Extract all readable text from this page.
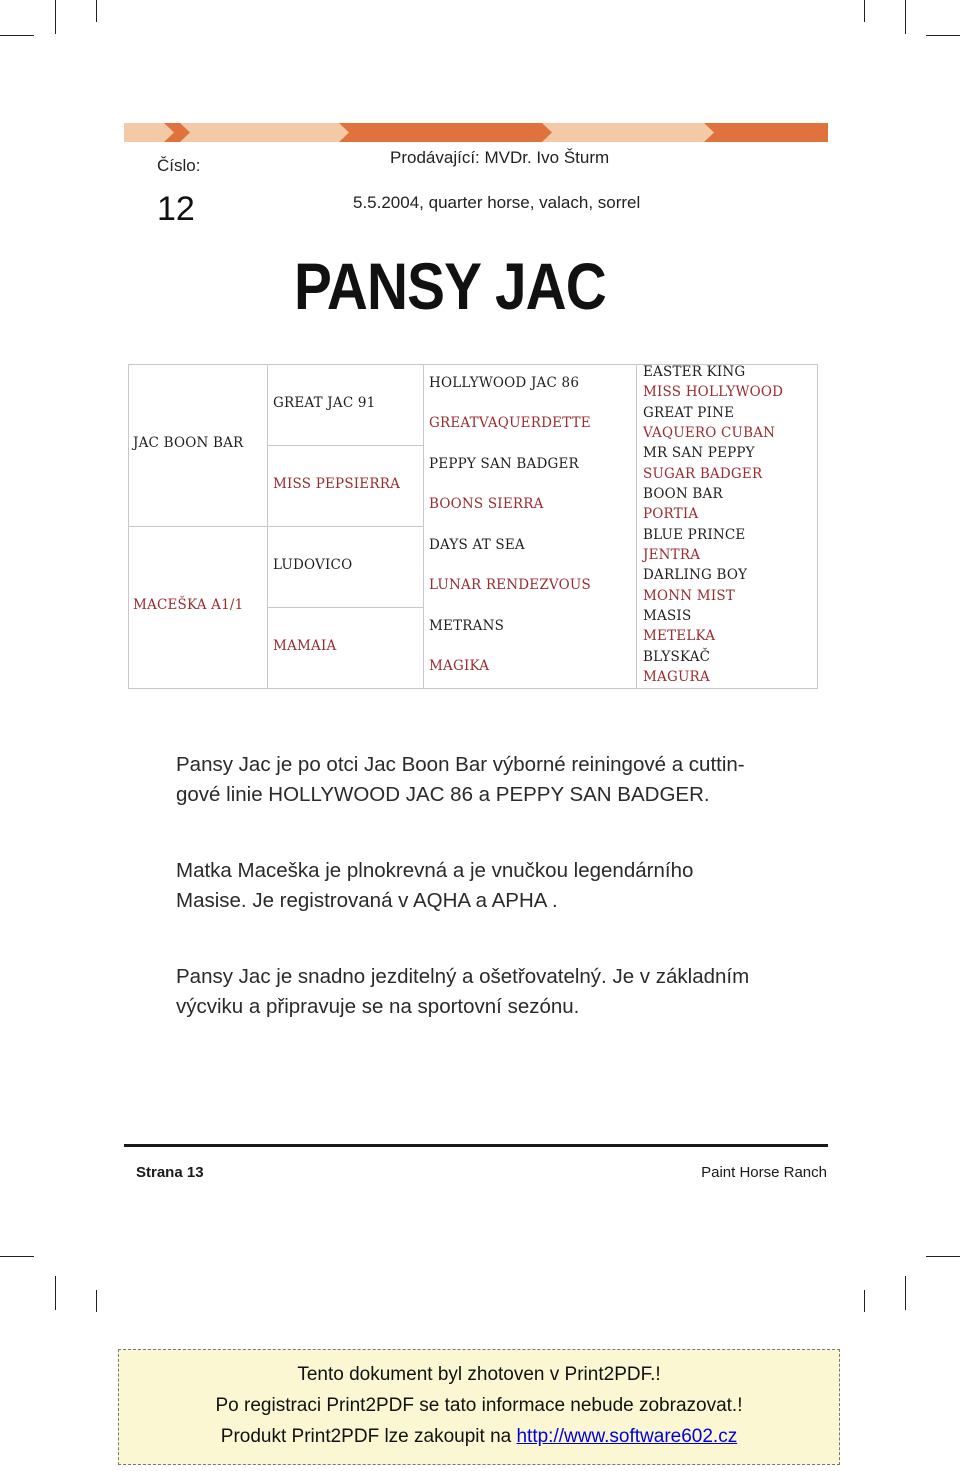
Číslo:
12
Prodávající: MVDr. Ivo Šturm
5.5.2004, quarter horse, valach, sorrel
PANSY JAC
JAC BOON BAR
MACEŠKA A1/1
GREAT JAC 91
MISS PEPSIERRA
LUDOVICO
MAMAIA
HOLLYWOOD JAC 86
GREATVAQUERDETTE
PEPPY SAN BADGER
BOONS SIERRA
DAYS AT SEA
LUNAR RENDEZVOUS
METRANS
MAGIKA
EASTER KING
MISS HOLLYWOOD
GREAT PINE
VAQUERO CUBAN
MR SAN PEPPY
SUGAR BADGER
BOON BAR
PORTIA
BLUE PRINCE
JENTRA
DARLING BOY
MONN MIST
MASIS
METELKA
BLYSKAČ
MAGURA
Pansy Jac je po otci Jac Boon Bar výborné reiningové a cuttin-
gové linie HOLLYWOOD JAC 86 a PEPPY SAN BADGER.
Matka Maceška je plnokrevná a je vnučkou legendárního
Masise. Je registrovaná v AQHA a APHA .
Pansy Jac je snadno jezditelný a ošetřovatelný. Je v základním
výcviku a připravuje se na sportovní sezónu.
Strana 13	Paint Horse Ranch
Tento dokument byl zhotoven v Print2PDF.!
Po registraci Print2PDF se tato informace nebude zobrazovat.!
Produkt Print2PDF lze zakoupit na http://www.software602.cz
